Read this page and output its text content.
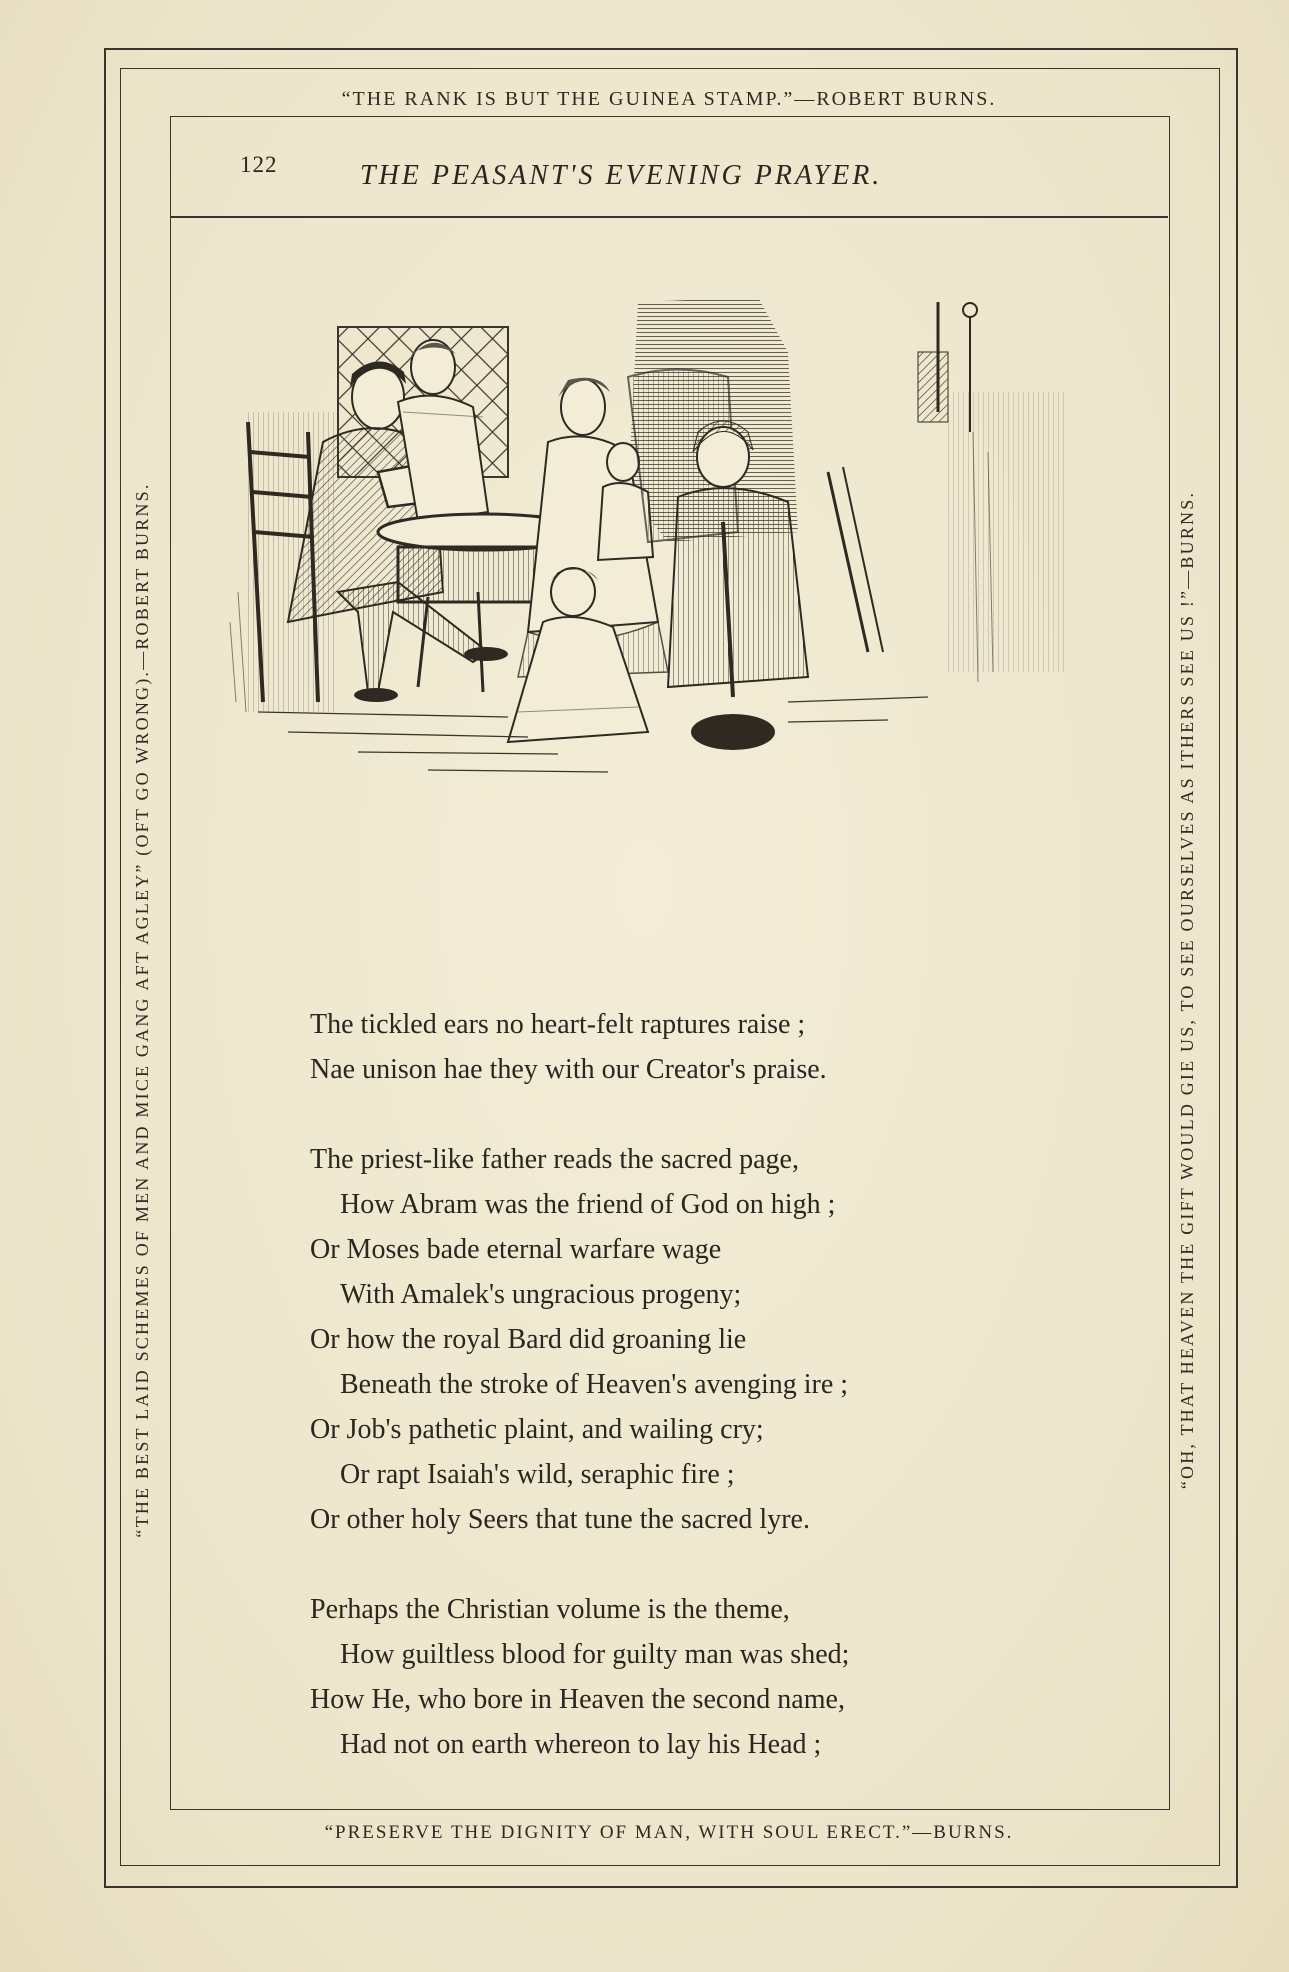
“THE RANK IS BUT THE GUINEA STAMP.”—ROBERT BURNS.
“PRESERVE THE DIGNITY OF MAN, WITH SOUL ERECT.”—BURNS.
“THE BEST LAID SCHEMES OF MEN AND MICE GANG AFT AGLEY” (OFT GO WRONG).—ROBERT BURNS.	“OH, THAT HEAVEN THE GIFT WOULD GIE US, TO SEE OURSELVES AS ITHERS SEE US !”—BURNS.
122	THE PEASANT'S EVENING PRAYER.
The tickled ears no heart-felt raptures raise ;
Nae unison hae they with our Creator's praise.
The priest-like father reads the sacred page,
How Abram was the friend of God on high ;
Or Moses bade eternal warfare wage
With Amalek's ungracious progeny;
Or how the royal Bard did groaning lie
Beneath the stroke of Heaven's avenging ire ;
Or Job's pathetic plaint, and wailing cry;
Or rapt Isaiah's wild, seraphic fire ;
Or other holy Seers that tune the sacred lyre.
Perhaps the Christian volume is the theme,
How guiltless blood for guilty man was shed;
How He, who bore in Heaven the second name,
Had not on earth whereon to lay his Head ;
